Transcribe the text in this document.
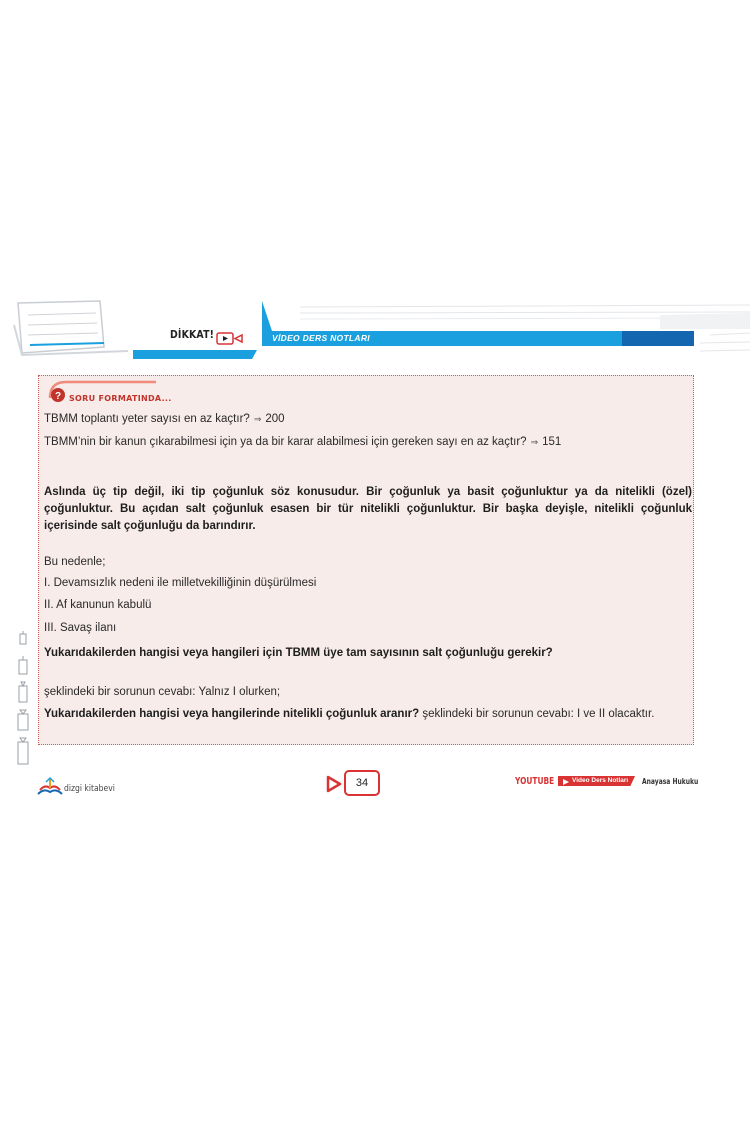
DİKKAT!	VİDEO DERS NOTLARI
? SORU FORMATINDA...
TBMM toplantı yeter sayısı en az kaçtır? ⇒ 200
TBMM’nin bir kanun çıkarabilmesi için ya da bir karar alabilmesi için gereken sayı en az kaçtır? ⇒ 151
Aslında üç tip değil, iki tip çoğunluk söz konusudur. Bir çoğunluk ya basit çoğunluktur ya da nitelikli (özel) çoğunluktur. Bu açıdan salt çoğunluk esasen bir tür nitelikli çoğunluktur. Bir başka deyişle, nitelikli çoğunluk içerisinde salt çoğunluğu da barındırır.
Bu nedenle;
I. Devamsızlık nedeni ile milletvekilliğinin düşürülmesi
II. Af kanunun kabulü
III. Savaş ilanı
Yukarıdakilerden hangisi veya hangileri için TBMM üye tam sayısının salt çoğunluğu gerekir?
şeklindeki bir sorunun cevabı: Yalnız I olurken;
Yukarıdakilerden hangisi veya hangilerinde nitelikli çoğunluk aranır? şeklindeki bir sorunun cevabı: I ve II olacaktır.
dizgi kitabevi	34	YOUTUBE	Video Ders Notları Anayasa Hukuku
